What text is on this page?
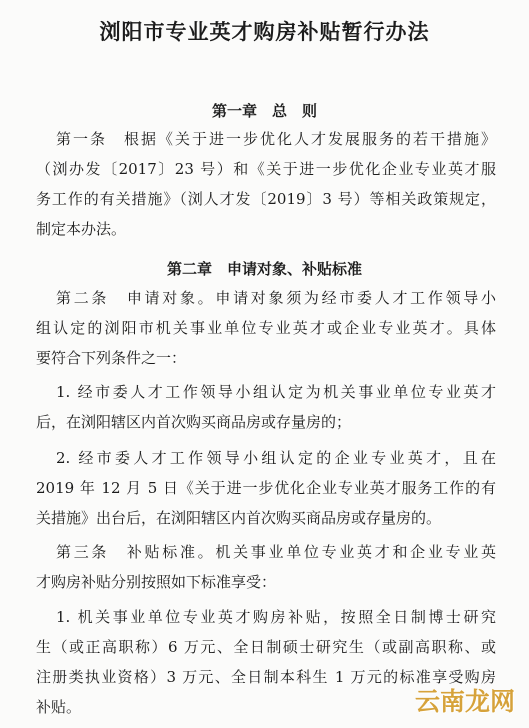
浏阳市专业英才购房补贴暂行办法
第一章　总　则
第一条　根据《关于进一步优化人才发展服务的若干措施》
（浏办发〔2017〕23 号）和《关于进一步优化企业专业英才服
务工作的有关措施》（浏人才发〔2019〕3 号）等相关政策规定，
制定本办法。
第二章　申请对象、补贴标准
第二条　申请对象。申请对象须为经市委人才工作领导小
组认定的浏阳市机关事业单位专业英才或企业专业英才。具体
要符合下列条件之一：
1. 经市委人才工作领导小组认定为机关事业单位专业英才
后，在浏阳辖区内首次购买商品房或存量房的；
2. 经市委人才工作领导小组认定的企业专业英才，且在
2019 年 12 月 5 日《关于进一步优化企业专业英才服务工作的有
关措施》出台后，在浏阳辖区内首次购买商品房或存量房的。
第三条　补贴标准。机关事业单位专业英才和企业专业英
才购房补贴分别按照如下标准享受：
1. 机关事业单位专业英才购房补贴，按照全日制博士研究
生（或正高职称）6 万元、全日制硕士研究生（或副高职称、或
注册类执业资格）3 万元、全日制本科生 1 万元的标准享受购房
补贴。	云南龙网
